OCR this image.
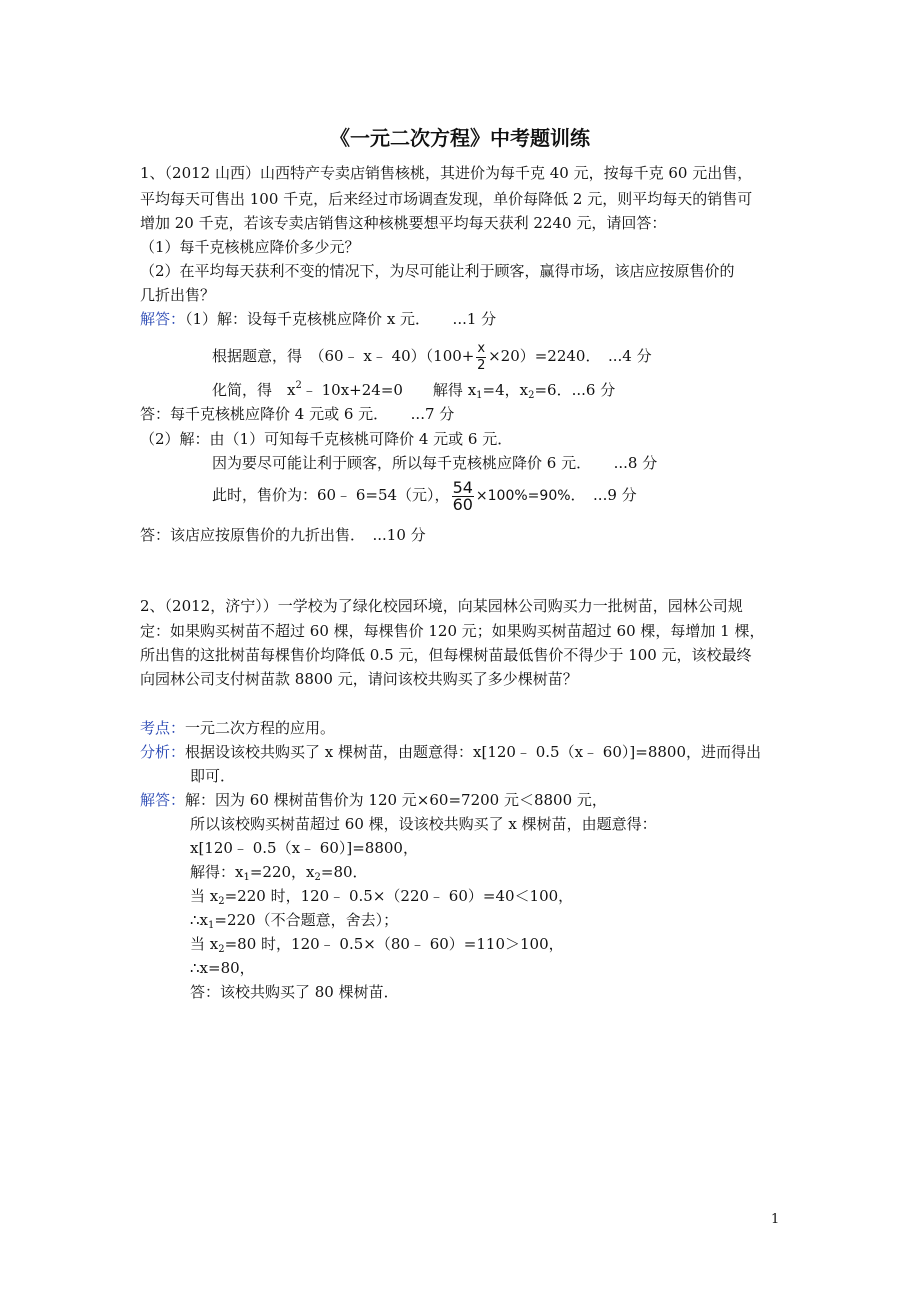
《一元二次方程》中考题训练
1、（2012 山西）山西特产专卖店销售核桃，其进价为每千克 40 元，按每千克 60 元出售，
平均每天可售出 100 千克，后来经过市场调查发现，单价每降低 2 元，则平均每天的销售可
增加 20 千克，若该专卖店销售这种核桃要想平均每天获利 2240 元，请回答：
（1）每千克核桃应降价多少元？
（2）在平均每天获利不变的情况下，为尽可能让利于顾客，赢得市场，该店应按原售价的
几折出售？
解答：（1）解：设每千克核桃应降价 x 元．　　...1 分
根据题意，得　（60﹣ x﹣ $40)(100+ \frac{x}{2} \times 20)=2240$．　...4 分
化简，得　$x^2﹣$ 10x+24=0　　解得 $x_1=4$，$x_2=6$．...6 分
答：每千克核桃应降价 4 元或 6 元．　　...7 分
（2）解：由（1）可知每千克核桃可降价 4 元或 6 元．
因为要尽可能让利于顾客，所以每千克核桃应降价 6 元．　　...8 分
此时，售价为：60﹣ 6=54（元）， $\frac{54}{60} \times 100\%=90\%$．　...9 分
答：该店应按原售价的九折出售．　...10 分
2、（2012，济宁））一学校为了绿化校园环境，向某园林公司购买力一批树苗，园林公司规
定：如果购买树苗不超过 60 棵，每棵售价 120 元；如果购买树苗超过 60 棵，每增加 1 棵，
所出售的这批树苗每棵售价均降低 0.5 元，但每棵树苗最低售价不得少于 100 元，该校最终
向园林公司支付树苗款 8800 元，请问该校共购买了多少棵树苗？
考点：一元二次方程的应用。
分析：根据设该校共购买了 x 棵树苗，由题意得：x[120﹣ 0.5（x﹣ 60）]=8800，进而得出
即可．
解答：解：因为 60 棵树苗售价为 120 元×60=7200 元＜8800 元，
所以该校购买树苗超过 60 棵，设该校共购买了 x 棵树苗，由题意得：
x[120﹣ 0.5（x﹣ 60）]=8800，
解得：$x_1=220$，$x_2=80$．
当 $x_2=220$ 时，120﹣ 0.5×（220﹣ 60）=40＜100，
$\therefore x_1=220$（不合题意，舍去）；
当 $x_2=80$ 时，120﹣ 0.5×（80﹣ 60）=110＞100，
∴x=80，
答：该校共购买了 80 棵树苗．
1
